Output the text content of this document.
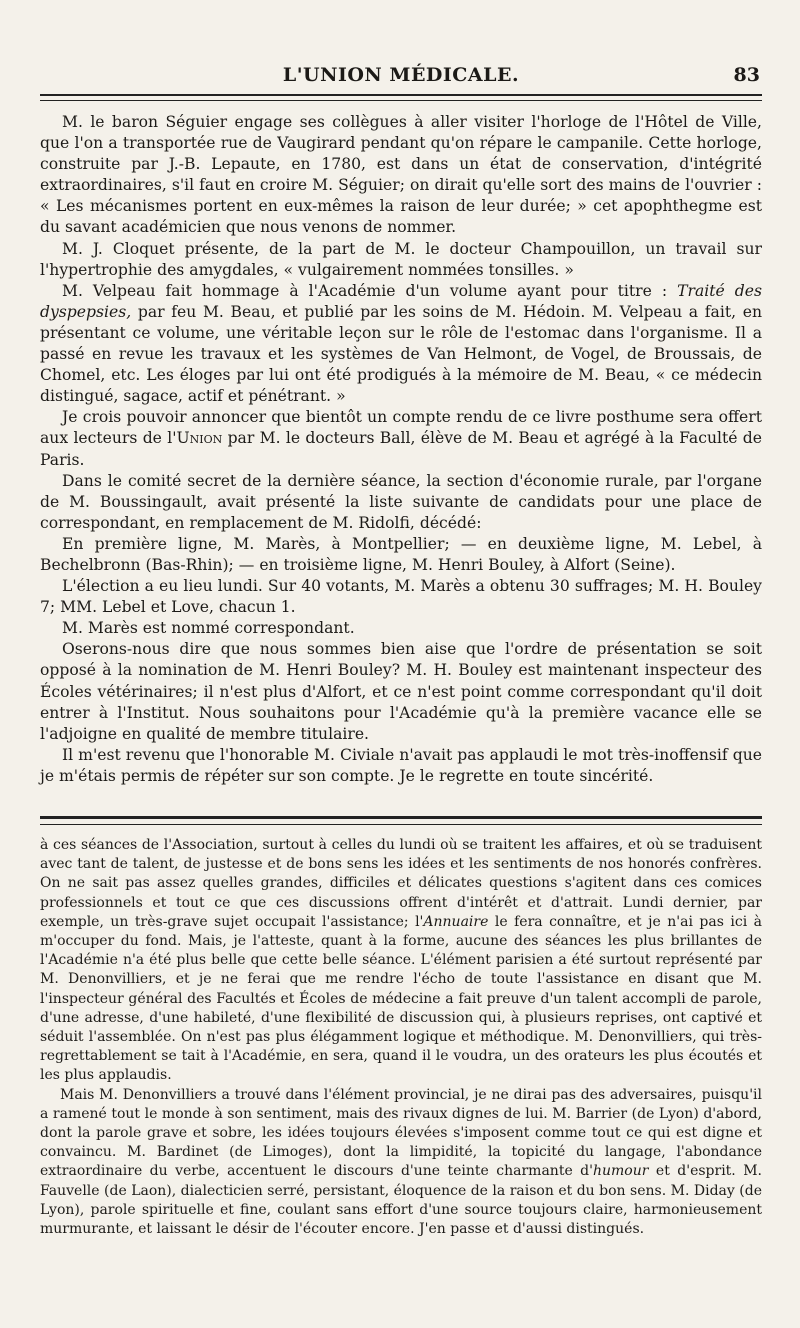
L'UNION MÉDICALE.	83

M. le baron Séguier engage ses collègues à aller visiter l'horloge de l'Hôtel de Ville, que l'on a transportée rue de Vaugirard pendant qu'on répare le campanile. Cette horloge, construite par J.-B. Lepaute, en 1780, est dans un état de conservation, d'intégrité extraordinaires, s'il faut en croire M. Séguier; on dirait qu'elle sort des mains de l'ouvrier : « Les mécanismes portent en eux-mêmes la raison de leur durée; » cet apophthegme est du savant académicien que nous venons de nommer.

M. J. Cloquet présente, de la part de M. le docteur Champouillon, un travail sur l'hypertrophie des amygdales, « vulgairement nommées tonsilles. »

M. Velpeau fait hommage à l'Académie d'un volume ayant pour titre : Traité des dyspepsies, par feu M. Beau, et publié par les soins de M. Hédoin. M. Velpeau a fait, en présentant ce volume, une véritable leçon sur le rôle de l'estomac dans l'organisme. Il a passé en revue les travaux et les systèmes de Van Helmont, de Vogel, de Broussais, de Chomel, etc. Les éloges par lui ont été prodigués à la mémoire de M. Beau, « ce médecin distingué, sagace, actif et pénétrant. »

Je crois pouvoir annoncer que bientôt un compte rendu de ce livre posthume sera offert aux lecteurs de l'Union par M. le docteurs Ball, élève de M. Beau et agrégé à la Faculté de Paris.

Dans le comité secret de la dernière séance, la section d'économie rurale, par l'organe de M. Boussingault, avait présenté la liste suivante de candidats pour une place de correspondant, en remplacement de M. Ridolfi, décédé:

En première ligne, M. Marès, à Montpellier; — en deuxième ligne, M. Lebel, à Bechelbronn (Bas-Rhin); — en troisième ligne, M. Henri Bouley, à Alfort (Seine).

L'élection a eu lieu lundi. Sur 40 votants, M. Marès a obtenu 30 suffrages; M. H. Bouley 7; MM. Lebel et Love, chacun 1.

M. Marès est nommé correspondant.

Oserons-nous dire que nous sommes bien aise que l'ordre de présentation se soit opposé à la nomination de M. Henri Bouley? M. H. Bouley est maintenant inspecteur des Écoles vétérinaires; il n'est plus d'Alfort, et ce n'est point comme correspondant qu'il doit entrer à l'Institut. Nous souhaitons pour l'Académie qu'à la première vacance elle se l'adjoigne en qualité de membre titulaire.

Il m'est revenu que l'honorable M. Civiale n'avait pas applaudi le mot très-inoffensif que je m'étais permis de répéter sur son compte. Je le regrette en toute sincérité.

à ces séances de l'Association, surtout à celles du lundi où se traitent les affaires, et où se traduisent avec tant de talent, de justesse et de bons sens les idées et les sentiments de nos honorés confrères. On ne sait pas assez quelles grandes, difficiles et délicates questions s'agitent dans ces comices professionnels et tout ce que ces discussions offrent d'intérêt et d'attrait. Lundi dernier, par exemple, un très-grave sujet occupait l'assistance; l'Annuaire le fera connaître, et je n'ai pas ici à m'occuper du fond. Mais, je l'atteste, quant à la forme, aucune des séances les plus brillantes de l'Académie n'a été plus belle que cette belle séance. L'élément parisien a été surtout représenté par M. Denonvilliers, et je ne ferai que me rendre l'écho de toute l'assistance en disant que M. l'inspecteur général des Facultés et Écoles de médecine a fait preuve d'un talent accompli de parole, d'une adresse, d'une habileté, d'une flexibilité de discussion qui, à plusieurs reprises, ont captivé et séduit l'assemblée. On n'est pas plus élégamment logique et méthodique. M. Denonvilliers, qui très-regrettablement se tait à l'Académie, en sera, quand il le voudra, un des orateurs les plus écoutés et les plus applaudis.

Mais M. Denonvilliers a trouvé dans l'élément provincial, je ne dirai pas des adversaires, puisqu'il a ramené tout le monde à son sentiment, mais des rivaux dignes de lui. M. Barrier (de Lyon) d'abord, dont la parole grave et sobre, les idées toujours élevées s'imposent comme tout ce qui est digne et convaincu. M. Bardinet (de Limoges), dont la limpidité, la topicité du langage, l'abondance extraordinaire du verbe, accentuent le discours d'une teinte charmante d'humour et d'esprit. M. Fauvelle (de Laon), dialecticien serré, persistant, éloquence de la raison et du bon sens. M. Diday (de Lyon), parole spirituelle et fine, coulant sans effort d'une source toujours claire, harmonieusement murmurante, et laissant le désir de l'écouter encore. J'en passe et d'aussi distingués.
